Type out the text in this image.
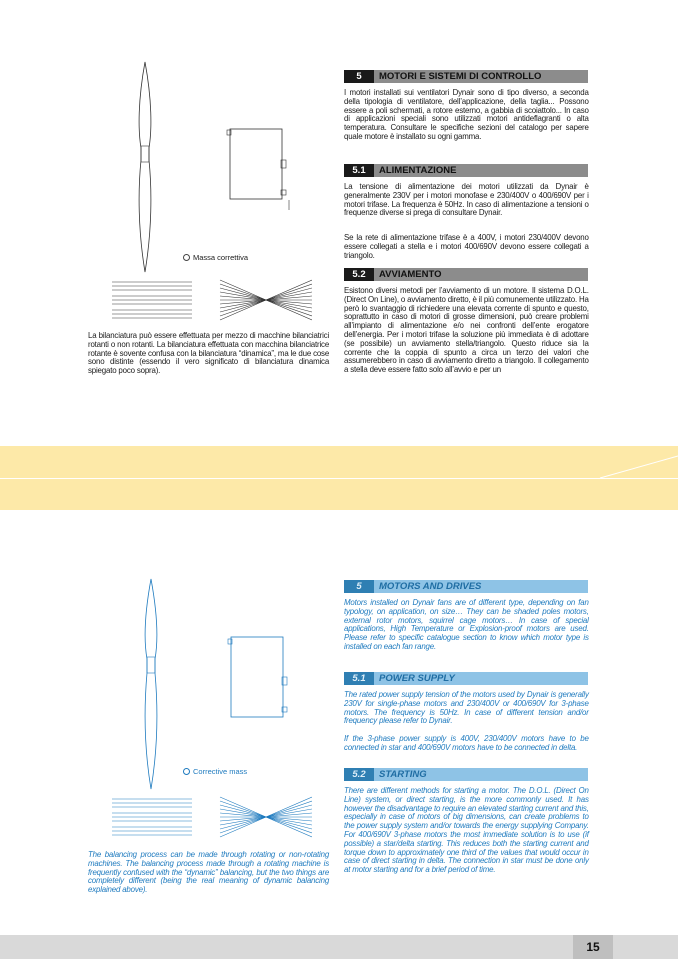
Massa correttiva
La bilanciatura può essere effettuata per mezzo di macchine bilanciatrici rotanti o non rotanti. La bilanciatura effettuata con macchina bilanciatrice rotante è sovente confusa con la bilanciatura “dinamica”, ma le due cose sono distinte (essendo il vero significato di bilanciatura dinamica spiegato poco sopra).
5	MOTORI E SISTEMI DI CONTROLLO
I motori installati sui ventilatori Dynair sono di tipo diverso, a seconda della tipologia di ventilatore, dell’applicazione, della taglia... Possono essere a poli schermati, a rotore esterno, a gabbia di scoiattolo... In caso di applicazioni speciali sono utilizzati motori antideflagranti o alta temperatura. Consultare le specifiche sezioni del catalogo per sapere quale motore è installato su ogni gamma.
5.1	ALIMENTAZIONE
La tensione di alimentazione dei motori utilizzati da Dynair è generalmente 230V per i motori monofase e 230/400V o 400/690V per i motori trifase. La frequenza è 50Hz. In caso di alimentazione a tensioni o frequenze diverse si prega di consultare Dynair.
Se la rete di alimentazione trifase è a 400V, i motori 230/400V devono essere collegati a stella e i motori 400/690V devono essere collegati a triangolo.
5.2	AVVIAMENTO
Esistono diversi metodi per l’avviamento di un motore. Il sistema D.O.L. (Direct On Line), o avviamento diretto, è il più comunemente utilizzato. Ha però lo svantaggio di richiedere una elevata corrente di spunto e questo, soprattutto in caso di motori di grosse dimensioni, può creare problemi all’impianto di alimentazione e/o nei confronti dell’ente erogatore dell’energia. Per i motori trifase la soluzione più immediata è di adottare (se possibile) un avviamento stella/triangolo. Questo riduce sia la corrente che la coppia di spunto a circa un terzo dei valori che assumerebbero in caso di avviamento diretto a triangolo. Il collegamento a stella deve essere fatto solo all’avvio e per un
Corrective mass
The balancing process can be made through rotating or non-rotating machines. The balancing process made through a rotating machine is frequently confused with the “dynamic” balancing, but the two things are completely different (being the real meaning of dynamic balancing explained above).
5	MOTORS AND DRIVES
Motors installed on Dynair fans are of different type, depending on fan typology, on application, on size… They can be shaded poles motors, external rotor motors, squirrel cage motors… In case of special applications, High Temperature or Explosion-proof motors are used. Please refer to specific catalogue section to know which motor type is installed on each fan range.
5.1	POWER SUPPLY
The rated power supply tension of the motors used by Dynair is generally 230V for single-phase motors and 230/400V or 400/690V for 3-phase motors. The frequency is 50Hz. In case of different tension and/or frequency please refer to Dynair.
If the 3-phase power supply is 400V, 230/400V motors have to be connected in star and 400/690V motors have to be connected in delta.
5.2	STARTING
There are different methods for starting a motor. The D.O.L. (Direct On Line) system, or direct starting, is the more commonly used. It has however the disadvantage to require an elevated starting current and this, especially in case of motors of big dimensions, can create problems to the power supply system and/or towards the energy supplying Company. For 400/690V 3-phase motors the most immediate solution is to use (if possible) a star/delta starting. This reduces both the starting current and torque down to approximately one third of the values that would occur in case of direct starting in delta. The connection in star must be done only at motor starting and for a brief period of time.
15
